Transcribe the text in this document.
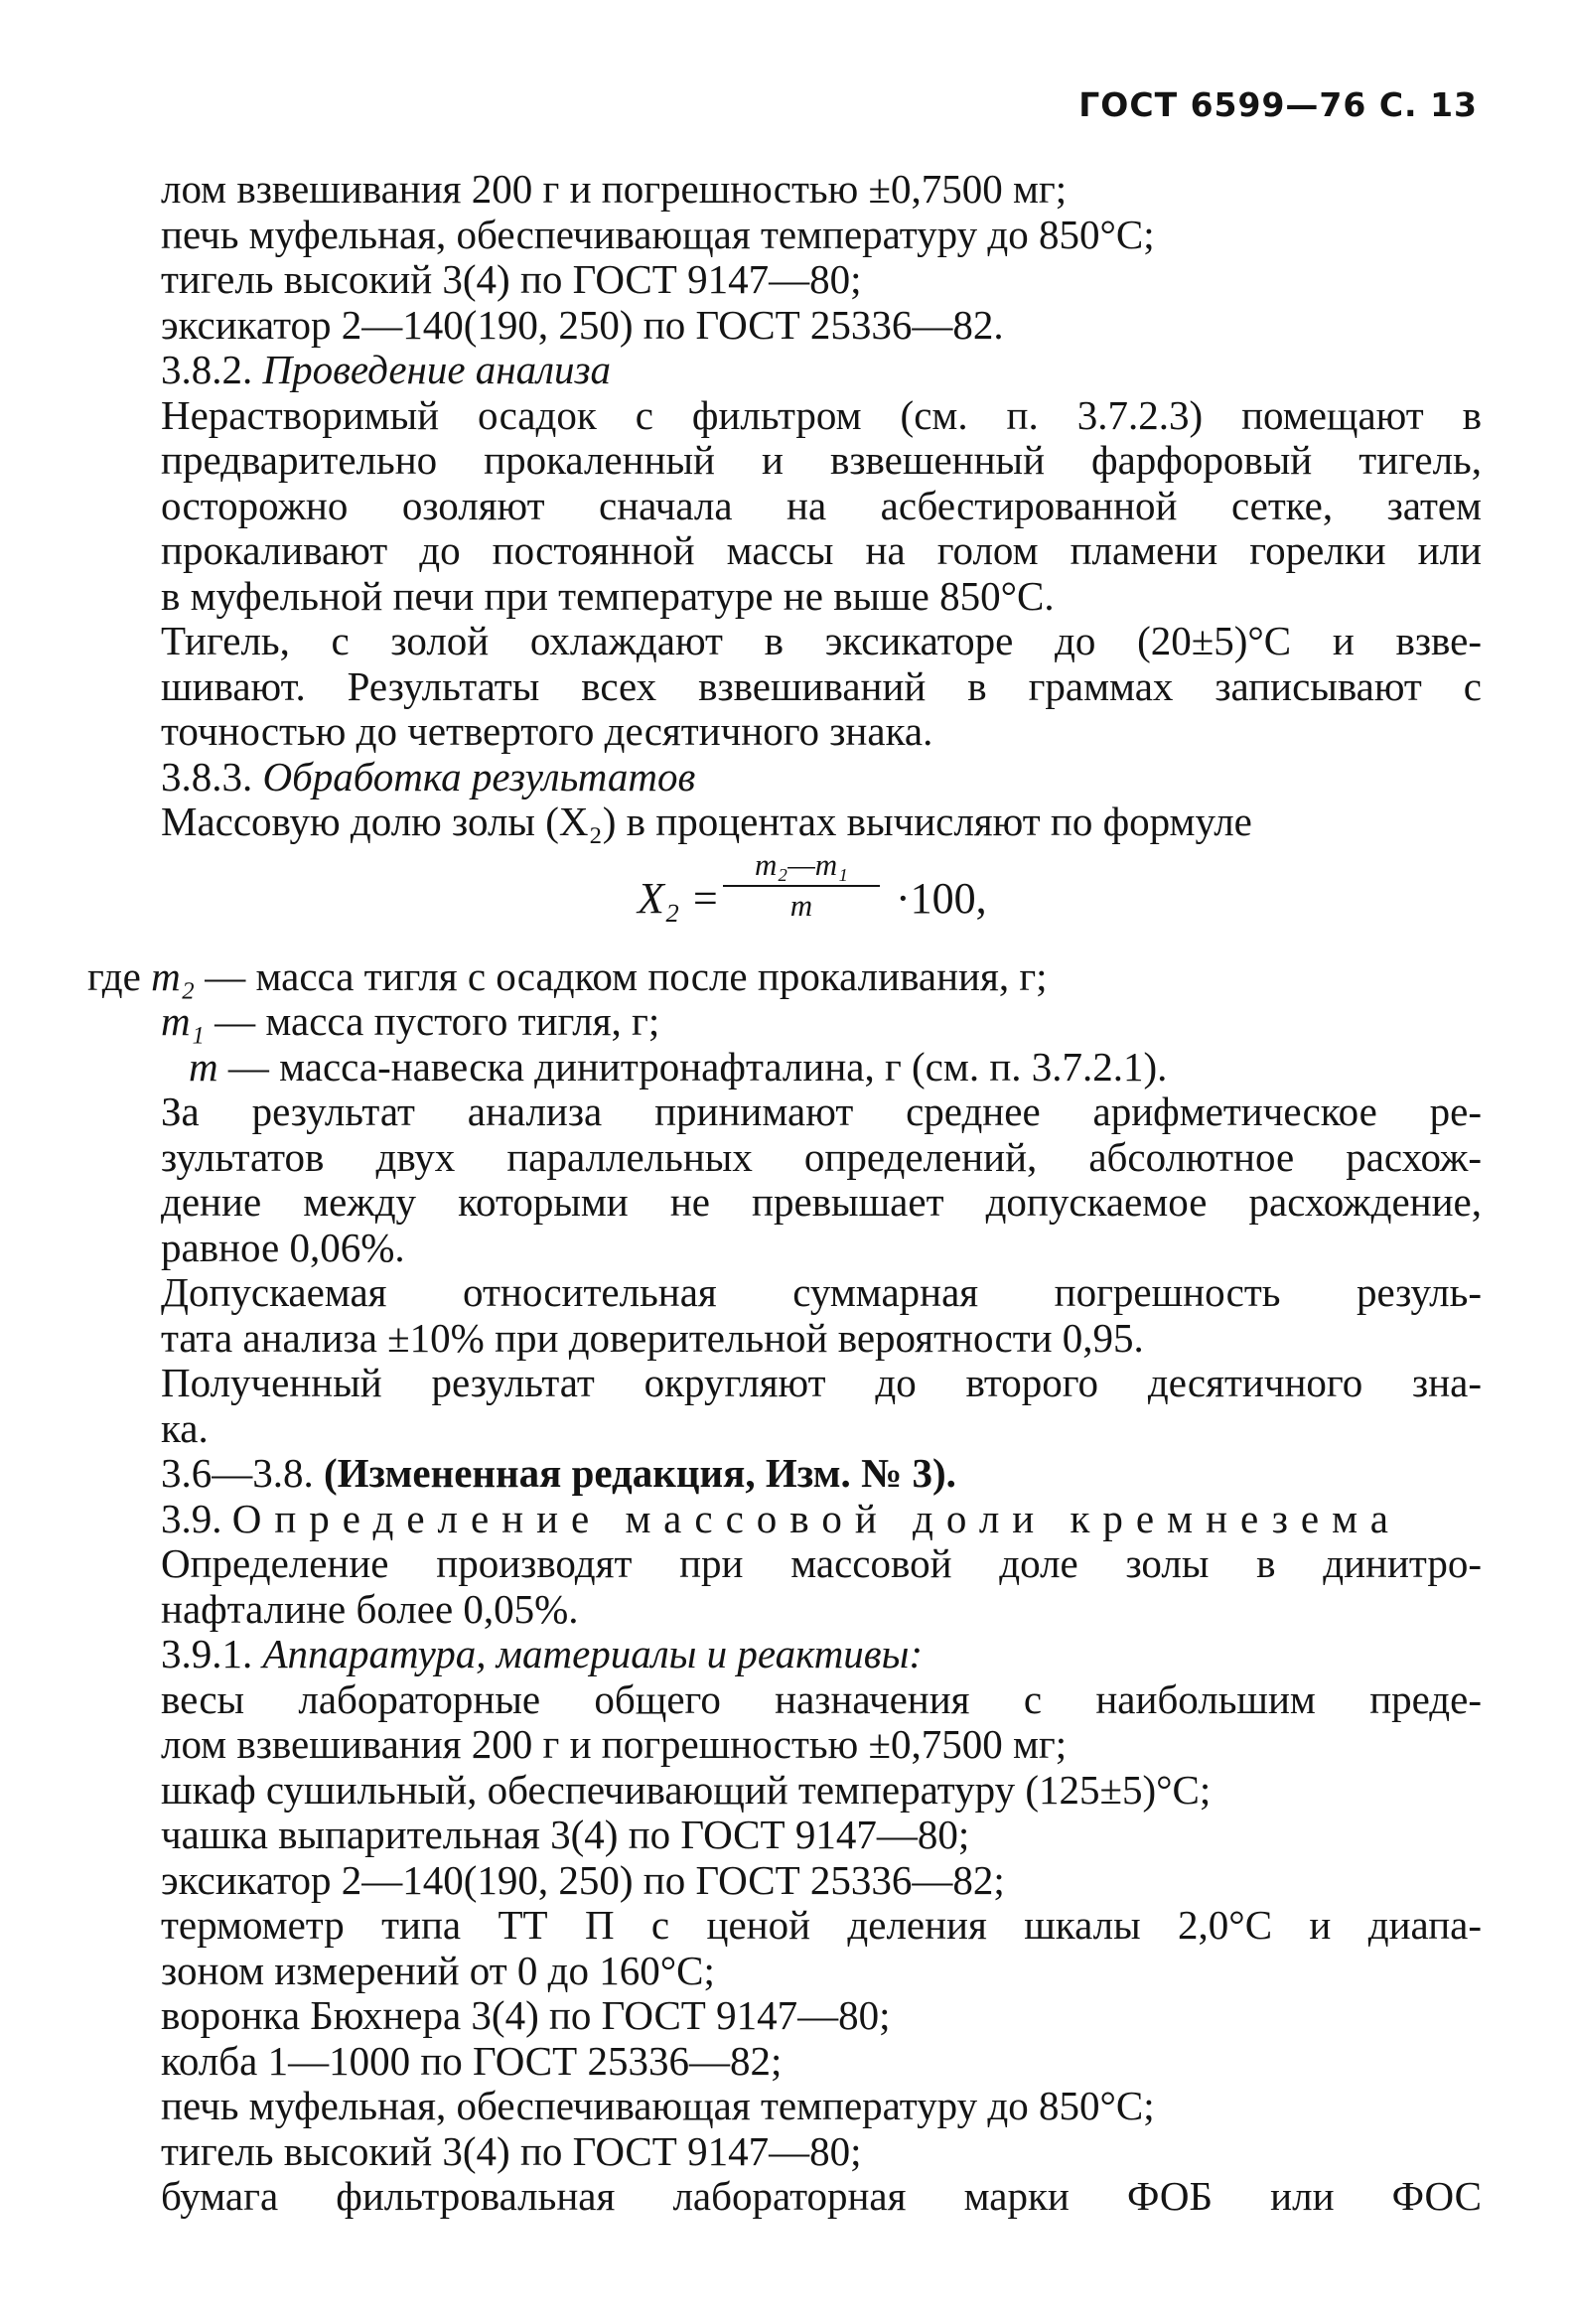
ГОСТ 6599—76 С. 13
лом взвешивания 200 г и погрешностью ±0,7500 мг;
печь муфельная, обеспечивающая температуру до 850°С;
тигель высокий 3(4) по ГОСТ 9147—80;
эксикатор 2—140(190, 250) по ГОСТ 25336—82.
3.8.2. Проведение анализа
Нерастворимый осадок с фильтром (см. п. 3.7.2.3) помещают в
предварительно прокаленный и взвешенный фарфоровый тигель,
осторожно озоляют сначала на асбестированной сетке, затем
прокаливают до постоянной массы на голом пламени горелки или
в муфельной печи при температуре не выше 850°С.
Тигель, с золой охлаждают в эксикаторе до (20±5)°С и взве-
шивают. Результаты всех взвешиваний в граммах записывают с
точностью до четвертого десятичного знака.
3.8.3. Обработка результатов
Массовую долю золы (X₂) в процентах вычисляют по формуле
X₂ =
m₂—m₁
m	·100,
где m₂ — масса тигля с осадком после прокаливания, г;
m₁ — масса пустого тигля, г;
m — масса-навеска динитронафталина, г (см. п. 3.7.2.1).
За результат анализа принимают среднее арифметическое ре-
зультатов двух параллельных определений, абсолютное расхож-
дение между которыми не превышает допускаемое расхождение,
равное 0,06%.
Допускаемая относительная суммарная погрешность резуль-
тата анализа ±10% при доверительной вероятности 0,95.
Полученный результат округляют до второго десятичного зна-
ка.
3.6—3.8. (Измененная редакция, Изм. № 3).
3.9. Определение массовой доли кремнезема
Определение производят при массовой доле золы в динитро-
нафталине более 0,05%.
3.9.1. Аппаратура, материалы и реактивы:
весы лабораторные общего назначения с наибольшим преде-
лом взвешивания 200 г и погрешностью ±0,7500 мг;
шкаф сушильный, обеспечивающий температуру (125±5)°С;
чашка выпарительная 3(4) по ГОСТ 9147—80;
эксикатор 2—140(190, 250) по ГОСТ 25336—82;
термометр типа ТТ П с ценой деления шкалы 2,0°С и диапа-
зоном измерений от 0 до 160°С;
воронка Бюхнера 3(4) по ГОСТ 9147—80;
колба 1—1000 по ГОСТ 25336—82;
печь муфельная, обеспечивающая температуру до 850°С;
тигель высокий 3(4) по ГОСТ 9147—80;
бумага фильтровальная лабораторная марки ФОБ или ФОС
